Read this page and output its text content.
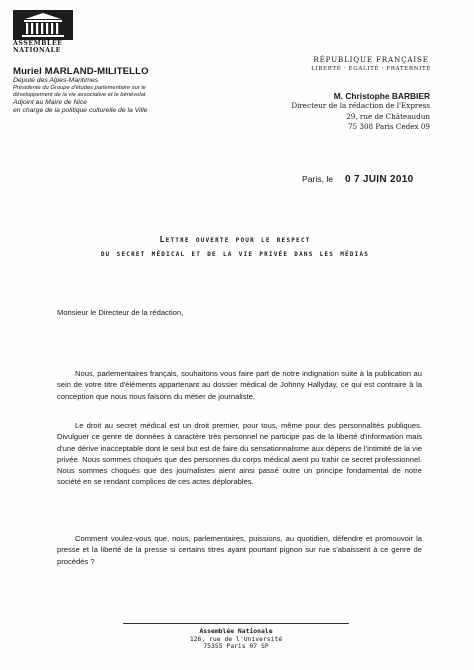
ASSEMBLÉE
NATIONALE
Muriel MARLAND-MILITELLO
Député des Alpes-Maritimes
Présidente du Groupe d'études parlementaire sur le
développement de la vie associative et le bénévolat
Adjoint au Maire de Nice
en charge de la politique culturelle de la Ville
RÉPUBLIQUE FRANÇAISE
LIBERTÉ · ÉGALITÉ · FRATERNITÉ
M. Christophe BARBIER
Directeur de la rédaction de l'Express
29, rue de Châteaudun
75 308 Paris Cedex 09
Paris, le 0 7 JUIN 2010
Lettre ouverte pour le respect
du secret médical et de la vie privée dans les médias
Monsieur le Directeur de la rédaction,

Nous, parlementaires français, souhaitons vous faire part de notre indignation suite à la publication au sein de votre titre d'éléments appartenant au dossier médical de Johnny Hallyday, ce qui est contraire à la conception que nous nous faisons du métier de journaliste.

Le droit au secret médical est un droit premier, pour tous, même pour des personnalités publiques. Divulguer ce genre de données à caractère très personnel ne participe pas de la liberté d'information mais d'une dérive inacceptable dont le seul but est de faire du sensationnalisme aux dépens de l'intimité de la vie privée. Nous sommes choqués que des personnes du corps médical aient pu trahir ce secret professionnel. Nous sommes choqués que des journalistes aient ainsi passé outre un principe fondamental de notre société en se rendant complices de ces actes déplorables.

Comment voulez-vous que, nous, parlementaires, puissions, au quotidien, défendre et promouvoir la presse et la liberté de la presse si certains titres ayant pourtant pignon sur rue s'abaissent à ce genre de procédés ?

Assemblée Nationale
126, rue de l'Université
75355 Paris 07 SP
